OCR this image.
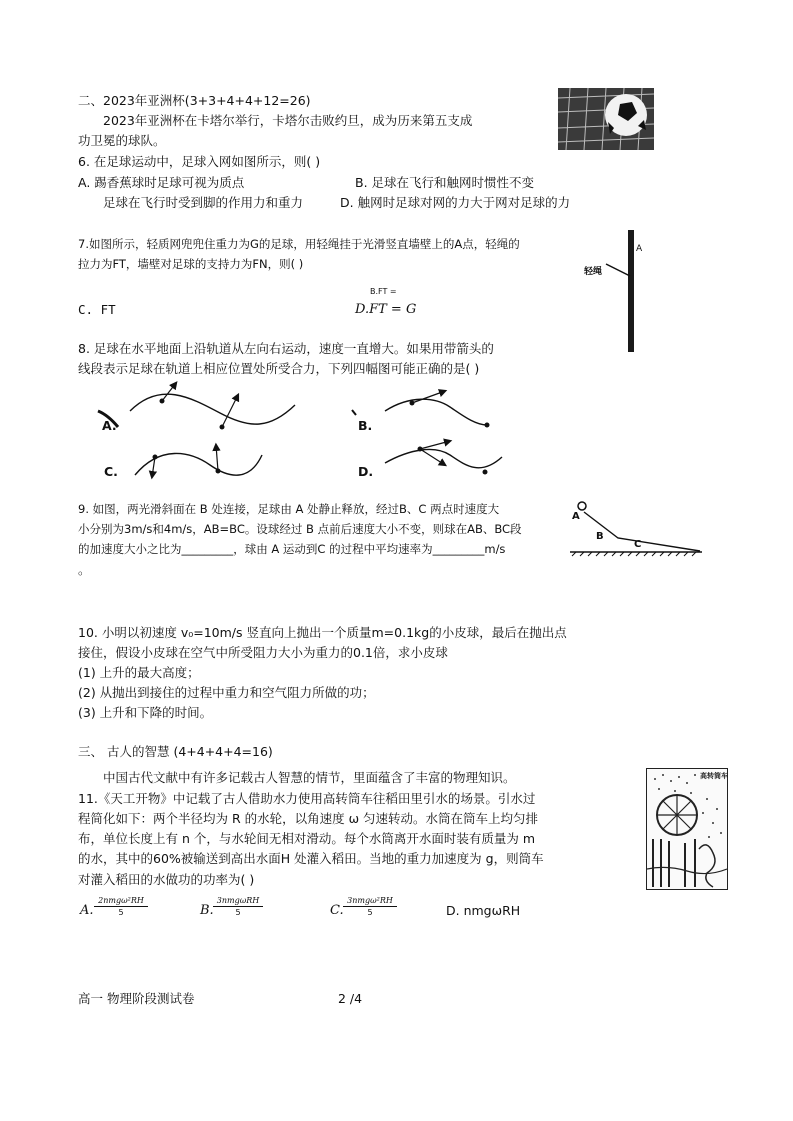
二、2023年亚洲杯(3+3+4+4+12=26)
2023年亚洲杯在卡塔尔举行，卡塔尔击败约旦，成为历来第五支成
功卫冕的球队。
6. 在足球运动中，足球入网如图所示，则( )
A. 踢香蕉球时足球可视为质点	B. 足球在飞行和触网时惯性不变
足球在飞行时受到脚的作用力和重力	D. 触网时足球对网的力大于网对足球的力
7.如图所示，轻质网兜兜住重力为G的足球，用轻绳挂于光滑竖直墙壁上的A点，轻绳的
拉力为FT，墙壁对足球的支持力为FN，则( )
B.FT =
C. FT	D.FT = G
A
轻绳
8. 足球在水平地面上沿轨道从左向右运动，速度一直增大。如果用带箭头的
线段表示足球在轨道上相应位置处所受合力，下列四幅图可能正确的是( )
A.	B.
C.	D.
9. 如图，两光滑斜面在 B 处连接，足球由 A 处静止释放，经过B、C 两点时速度大
小分别为3m/s和4m/s，AB=BC。设球经过 B 点前后速度大小不变，则球在AB、BC段
的加速度大小之比为_________，球由 A 运动到C 的过程中平均速率为_________m/s
。
A
B
C
10. 小明以初速度 v₀=10m/s 竖直向上抛出一个质量m=0.1kg的小皮球，最后在抛出点
接住，假设小皮球在空气中所受阻力大小为重力的0.1倍，求小皮球
(1) 上升的最大高度；
(2) 从抛出到接住的过程中重力和空气阻力所做的功；
(3) 上升和下降的时间。
三、 古人的智慧 (4+4+4+4=16)
中国古代文献中有许多记载古人智慧的情节，里面蕴含了丰富的物理知识。
11.《天工开物》中记载了古人借助水力使用高转筒车往稻田里引水的场景。引水过
程简化如下：两个半径均为 R 的水轮，以角速度 ω 匀速转动。水筒在筒车上均匀排
布，单位长度上有 n 个，与水轮间无相对滑动。每个水筒离开水面时装有质量为 m
的水，其中的60%被输送到高出水面H 处灌入稻田。当地的重力加速度为 g，则筒车
对灌入稻田的水做功的功率为( )
A.
2nmgω²RH
5	B.
3nmgωRH
5	C.
3nmgω²RH
5	D. nmgωRH
高转筒车
高一 物理阶段测试卷	2 /4
